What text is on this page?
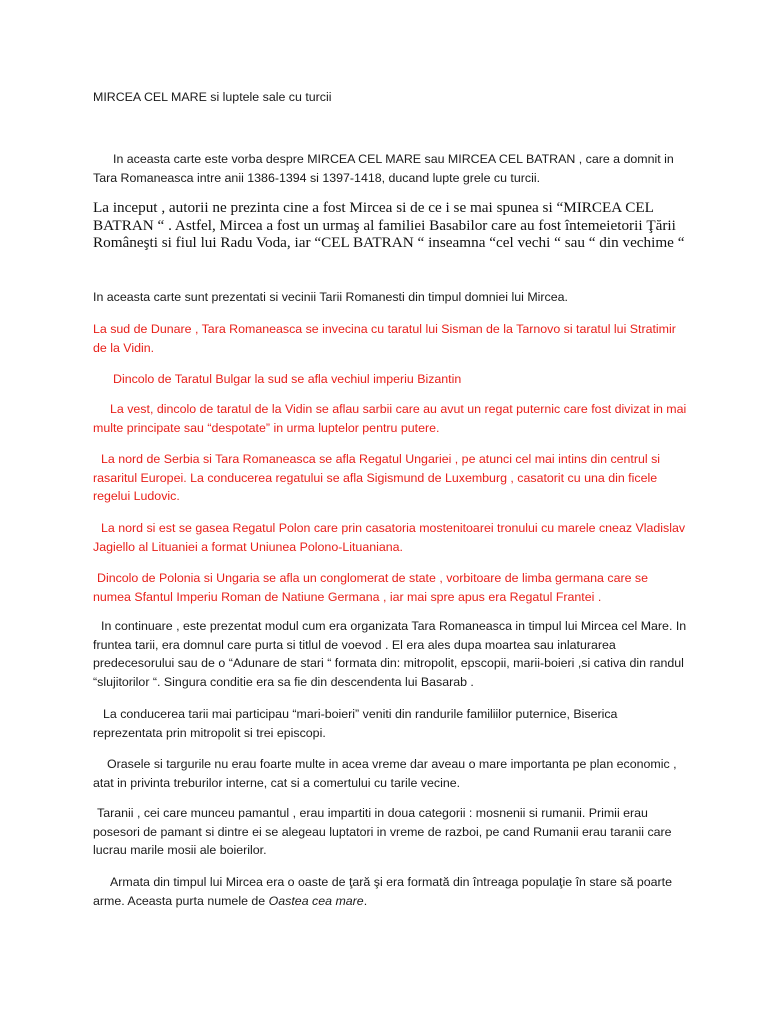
MIRCEA CEL MARE si luptele sale cu turcii

In aceasta carte este vorba despre MIRCEA CEL MARE sau MIRCEA CEL BATRAN , care a domnit in Tara Romaneasca intre anii 1386-1394 si 1397-1418, ducand lupte grele cu turcii.

La inceput , autorii ne prezinta cine a fost Mircea si de ce i se mai spunea si “MIRCEA CEL BATRAN “ . Astfel, Mircea a fost un urmaş al familiei Basabilor care au fost întemeietorii Ţării Româneşti si fiul lui Radu Voda, iar “CEL BATRAN “ inseamna “cel vechi “ sau “ din vechime “

In aceasta carte sunt prezentati si vecinii Tarii Romanesti din timpul domniei lui Mircea.

La sud de Dunare , Tara Romaneasca se invecina cu taratul lui Sisman de la Tarnovo si taratul lui Stratimir de la Vidin.

Dincolo de Taratul Bulgar la sud se afla vechiul imperiu Bizantin

La vest, dincolo de taratul de la Vidin se aflau sarbii care au avut un regat puternic care fost divizat in mai multe principate sau “despotate” in urma luptelor pentru putere.

La nord de Serbia si Tara Romaneasca se afla Regatul Ungariei , pe atunci cel mai intins din centrul si rasaritul Europei. La conducerea regatului se afla Sigismund de Luxemburg , casatorit cu una din ficele regelui Ludovic.

La nord si est se gasea Regatul Polon care prin casatoria mostenitoarei tronului cu marele cneaz Vladislav Jagiello al Lituaniei a format Uniunea Polono-Lituaniana.

Dincolo de Polonia si Ungaria se afla un conglomerat de state , vorbitoare de limba germana care se numea Sfantul Imperiu Roman de Natiune Germana , iar mai spre apus era Regatul Frantei .

In continuare , este prezentat modul cum era organizata Tara Romaneasca in timpul lui Mircea cel Mare. In fruntea tarii, era domnul care purta si titlul de voevod . El era ales dupa moartea sau inlaturarea predecesorului sau de o “Adunare de stari “ formata din: mitropolit, epscopii, marii-boieri ,si cativa din randul “slujitorilor “. Singura conditie era sa fie din descendenta lui Basarab .

La conducerea tarii mai participau “mari-boieri” veniti din randurile familiilor puternice, Biserica reprezentata prin mitropolit si trei episcopi.

Orasele si targurile nu erau foarte multe in acea vreme dar aveau o mare importanta pe plan economic , atat in privinta treburilor interne, cat si a comertului cu tarile vecine.

Taranii , cei care munceu pamantul , erau impartiti in doua categorii : mosnenii si rumanii. Primii erau posesori de pamant si dintre ei se alegeau luptatori in vreme de razboi, pe cand Rumanii erau taranii care lucrau marile mosii ale boierilor.

Armata din timpul lui Mircea era o oaste de ţară şi era formată din întreaga populaţie în stare să poarte arme. Aceasta purta numele de Oastea cea mare.
